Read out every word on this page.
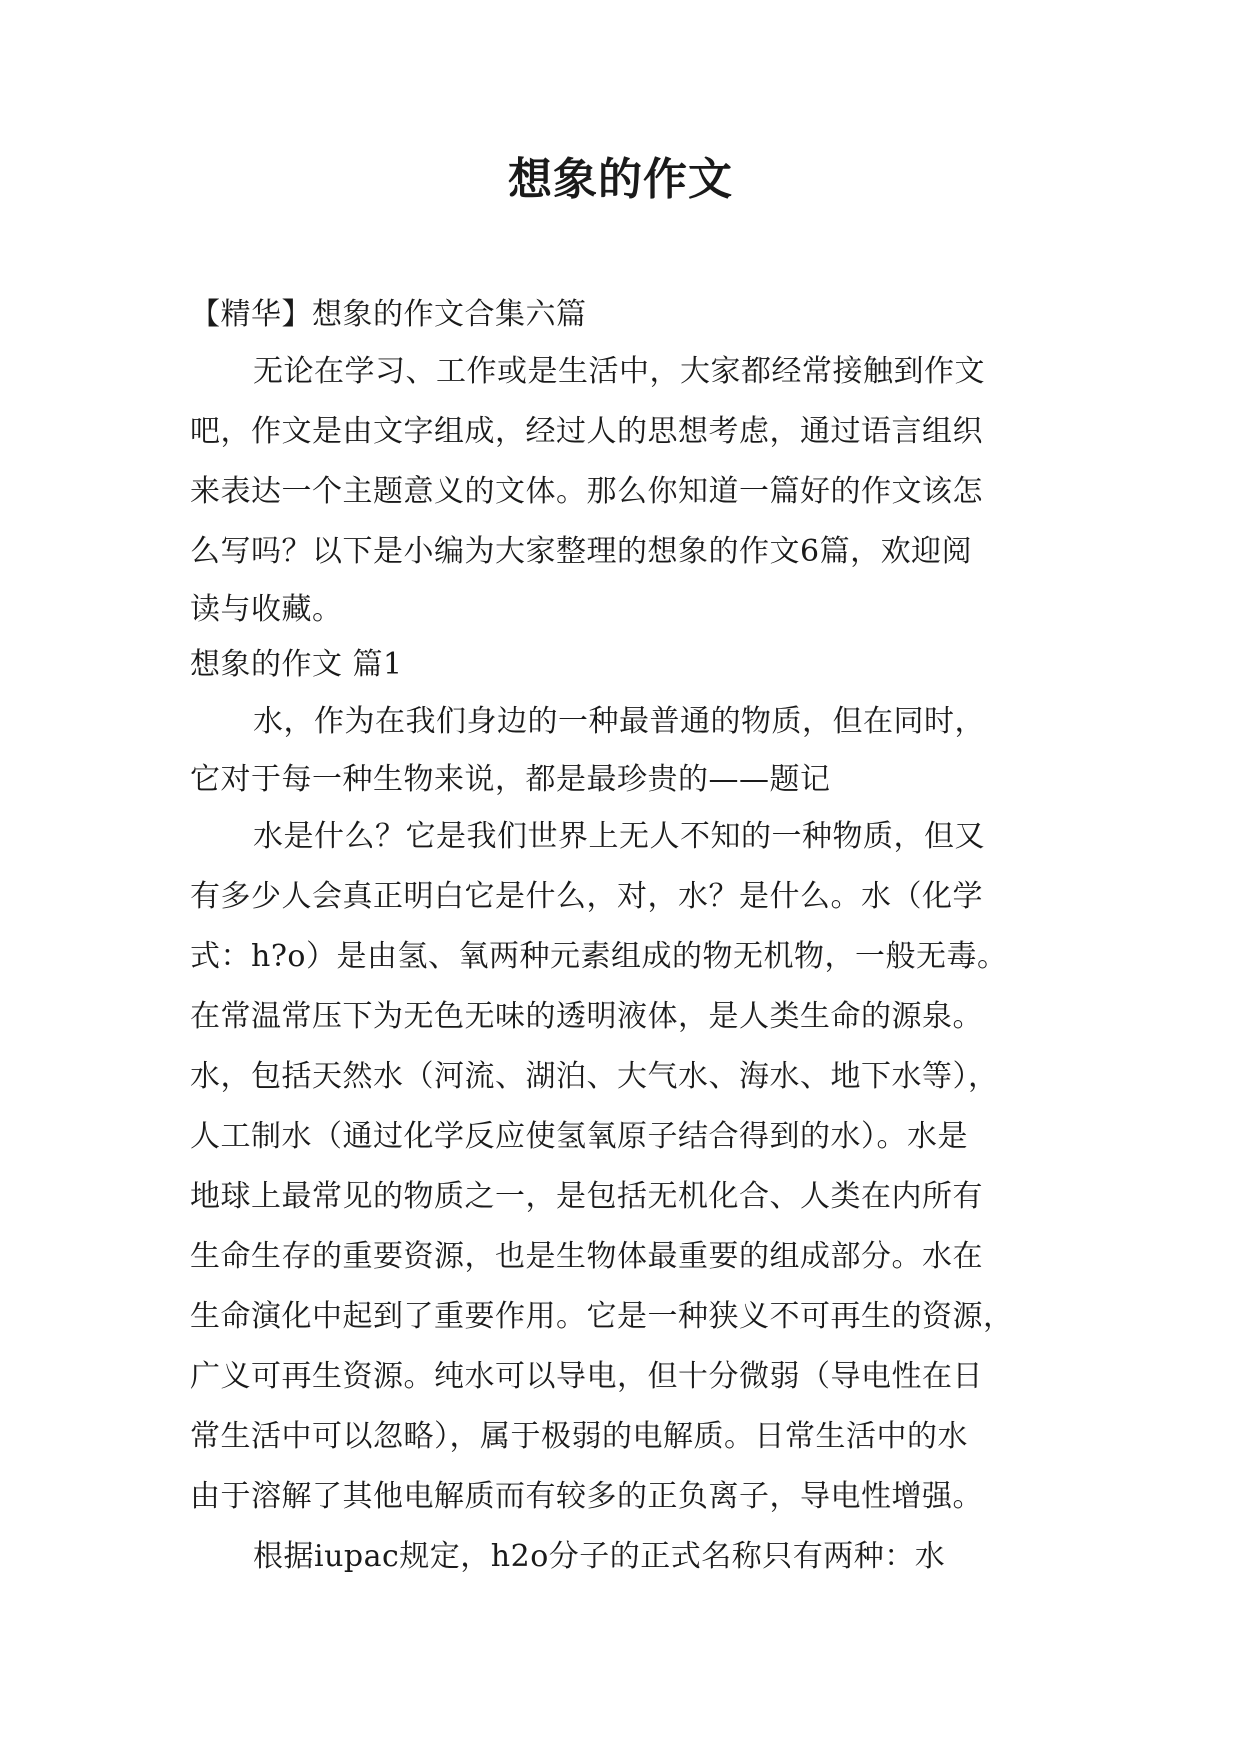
想象的作文
【精华】想象的作文合集六篇
无论在学习、工作或是生活中，大家都经常接触到作文
吧，作文是由文字组成，经过人的思想考虑，通过语言组织
来表达一个主题意义的文体。那么你知道一篇好的作文该怎
么写吗？以下是小编为大家整理的想象的作文6篇，欢迎阅
读与收藏。
想象的作文 篇1
水，作为在我们身边的一种最普通的物质，但在同时，
它对于每一种生物来说，都是最珍贵的——题记
水是什么？它是我们世界上无人不知的一种物质，但又
有多少人会真正明白它是什么，对，水？是什么。水（化学
式：h?o）是由氢、氧两种元素组成的物无机物，一般无毒。
在常温常压下为无色无味的透明液体，是人类生命的源泉。
水，包括天然水（河流、湖泊、大气水、海水、地下水等），
人工制水（通过化学反应使氢氧原子结合得到的水）。水是
地球上最常见的物质之一，是包括无机化合、人类在内所有
生命生存的重要资源，也是生物体最重要的组成部分。水在
生命演化中起到了重要作用。它是一种狭义不可再生的资源，
广义可再生资源。纯水可以导电，但十分微弱（导电性在日
常生活中可以忽略），属于极弱的电解质。日常生活中的水
由于溶解了其他电解质而有较多的正负离子，导电性增强。
根据iupac规定，h2o分子的正式名称只有两种：水
